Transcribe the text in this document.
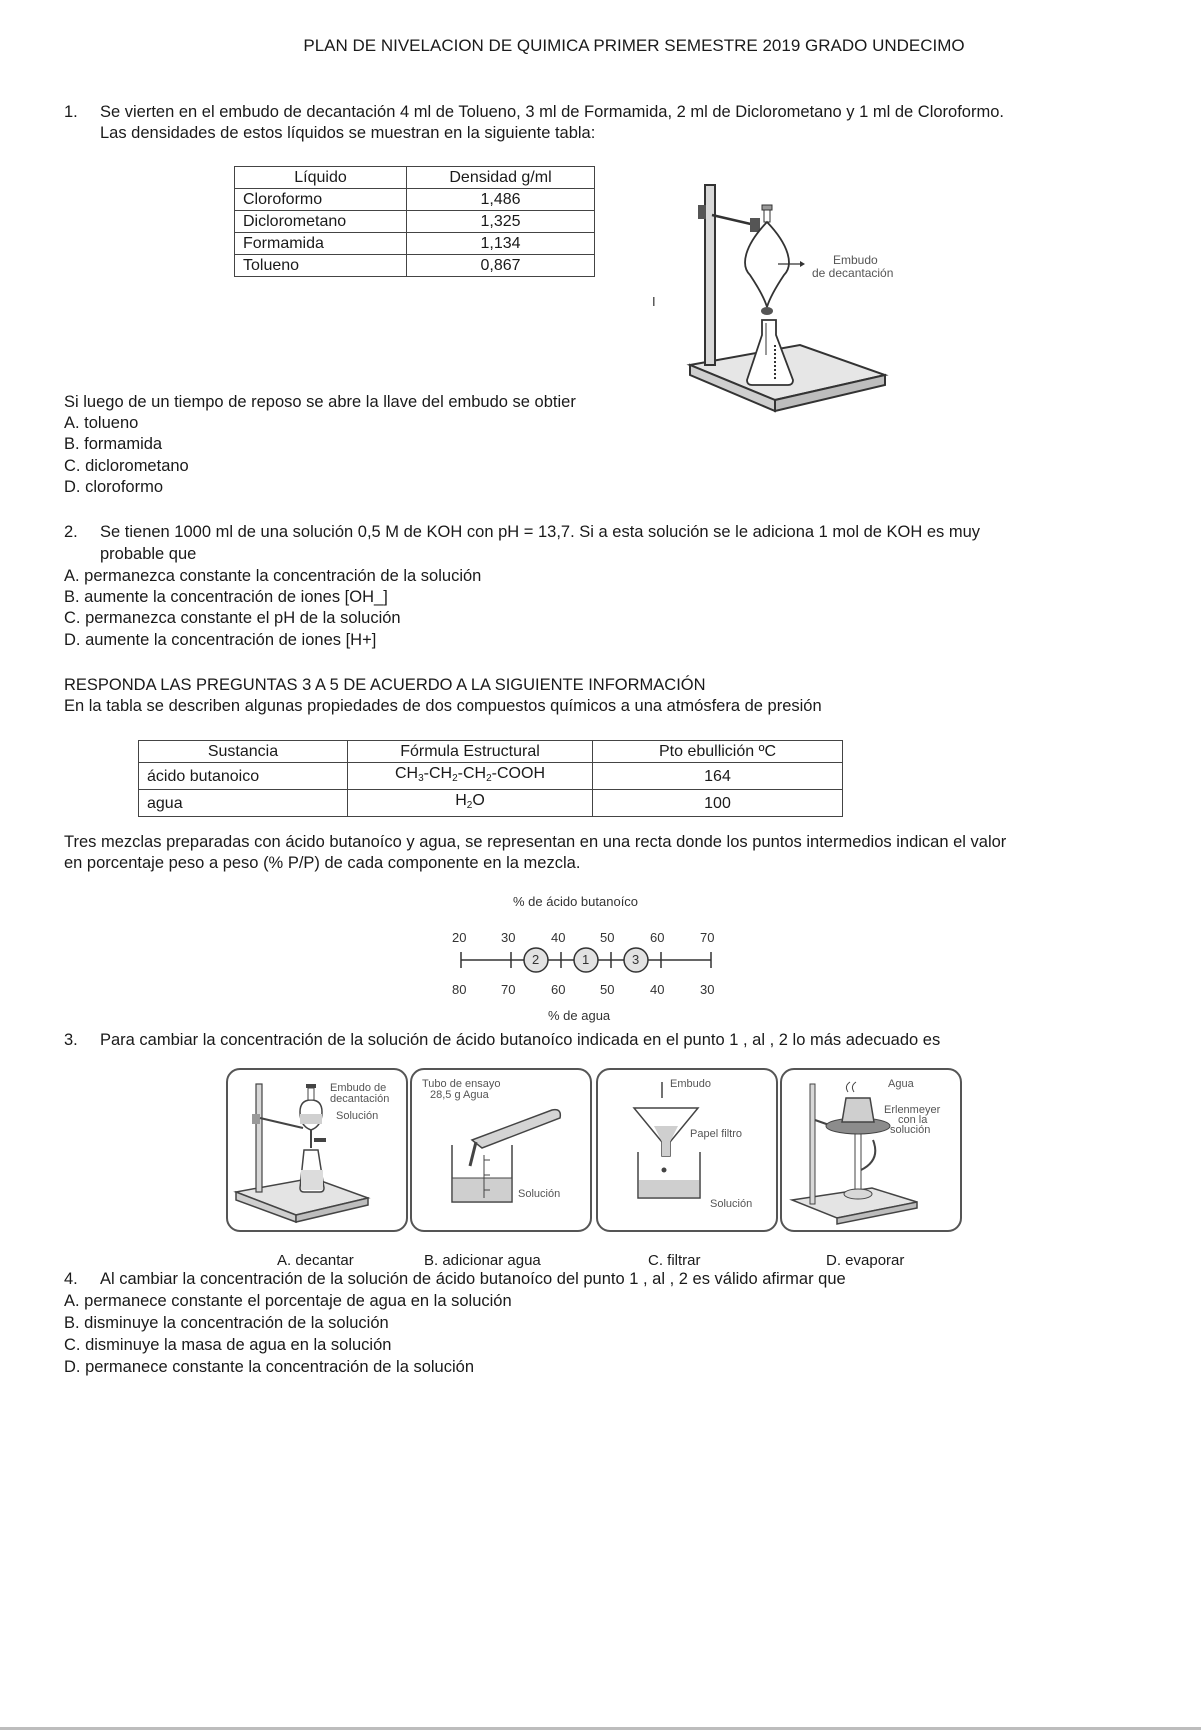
PLAN DE NIVELACION DE QUIMICA PRIMER SEMESTRE 2019 GRADO UNDECIMO
1. Se vierten en el embudo de decantación 4 ml de Tolueno, 3 ml de Formamida, 2 ml de Diclorometano y 1 ml de Cloroformo.
Las densidades de estos líquidos se muestran en la siguiente tabla:
Líquido	Densidad g/ml
Cloroformo	1,486
Diclorometano	1,325
Formamida	1,134
Tolueno	0,867	Embudo
de decantación
I
Si luego de un tiempo de reposo se abre la llave del embudo se obtier
A. tolueno
B. formamida
C. diclorometano
D. cloroformo
2. Se tienen 1000 ml de una solución 0,5 M de KOH con pH = 13,7. Si a esta solución se le adiciona 1 mol de KOH es muy
probable que
A. permanezca constante la concentración de la solución
B. aumente la concentración de iones [OH_]
C. permanezca constante el pH de la solución
D. aumente la concentración de iones [H+]
RESPONDA LAS PREGUNTAS 3 A 5 DE ACUERDO A LA SIGUIENTE INFORMACIÓN
En la tabla se describen algunas propiedades de dos compuestos químicos a una atmósfera de presión
Sustancia	Fórmula Estructural	Pto ebullición ºC
ácido butanoico	$CH_3-CH_2-CH_2$-COOH	164
agua	$H_2O$	100
Tres mezclas preparadas con ácido butanoíco y agua, se representan en una recta donde los puntos intermedios indican el valor
en porcentaje peso a peso (% P/P) de cada componente en la mezcla.
% de ácido butanoíco
20	30	40	50	60	70
2	1	3
80	70	60	50	40	30
% de agua
3. Para cambiar la concentración de la solución de ácido butanoíco indicada en el punto 1 , al , 2 lo más adecuado es
Embudo de
decantación
Solución
Tubo de ensayo
28,5 g Agua
Solución
Embudo
Papel filtro
Solución
Agua
Erlenmeyer
con la
solución
A. decantar	B. adicionar agua	C. filtrar	D. evaporar
4. Al cambiar la concentración de la solución de ácido butanoíco del punto 1 , al , 2 es válido afirmar que
A. permanece constante el porcentaje de agua en la solución
B. disminuye la concentración de la solución
C. disminuye la masa de agua en la solución
D. permanece constante la concentración de la solución
